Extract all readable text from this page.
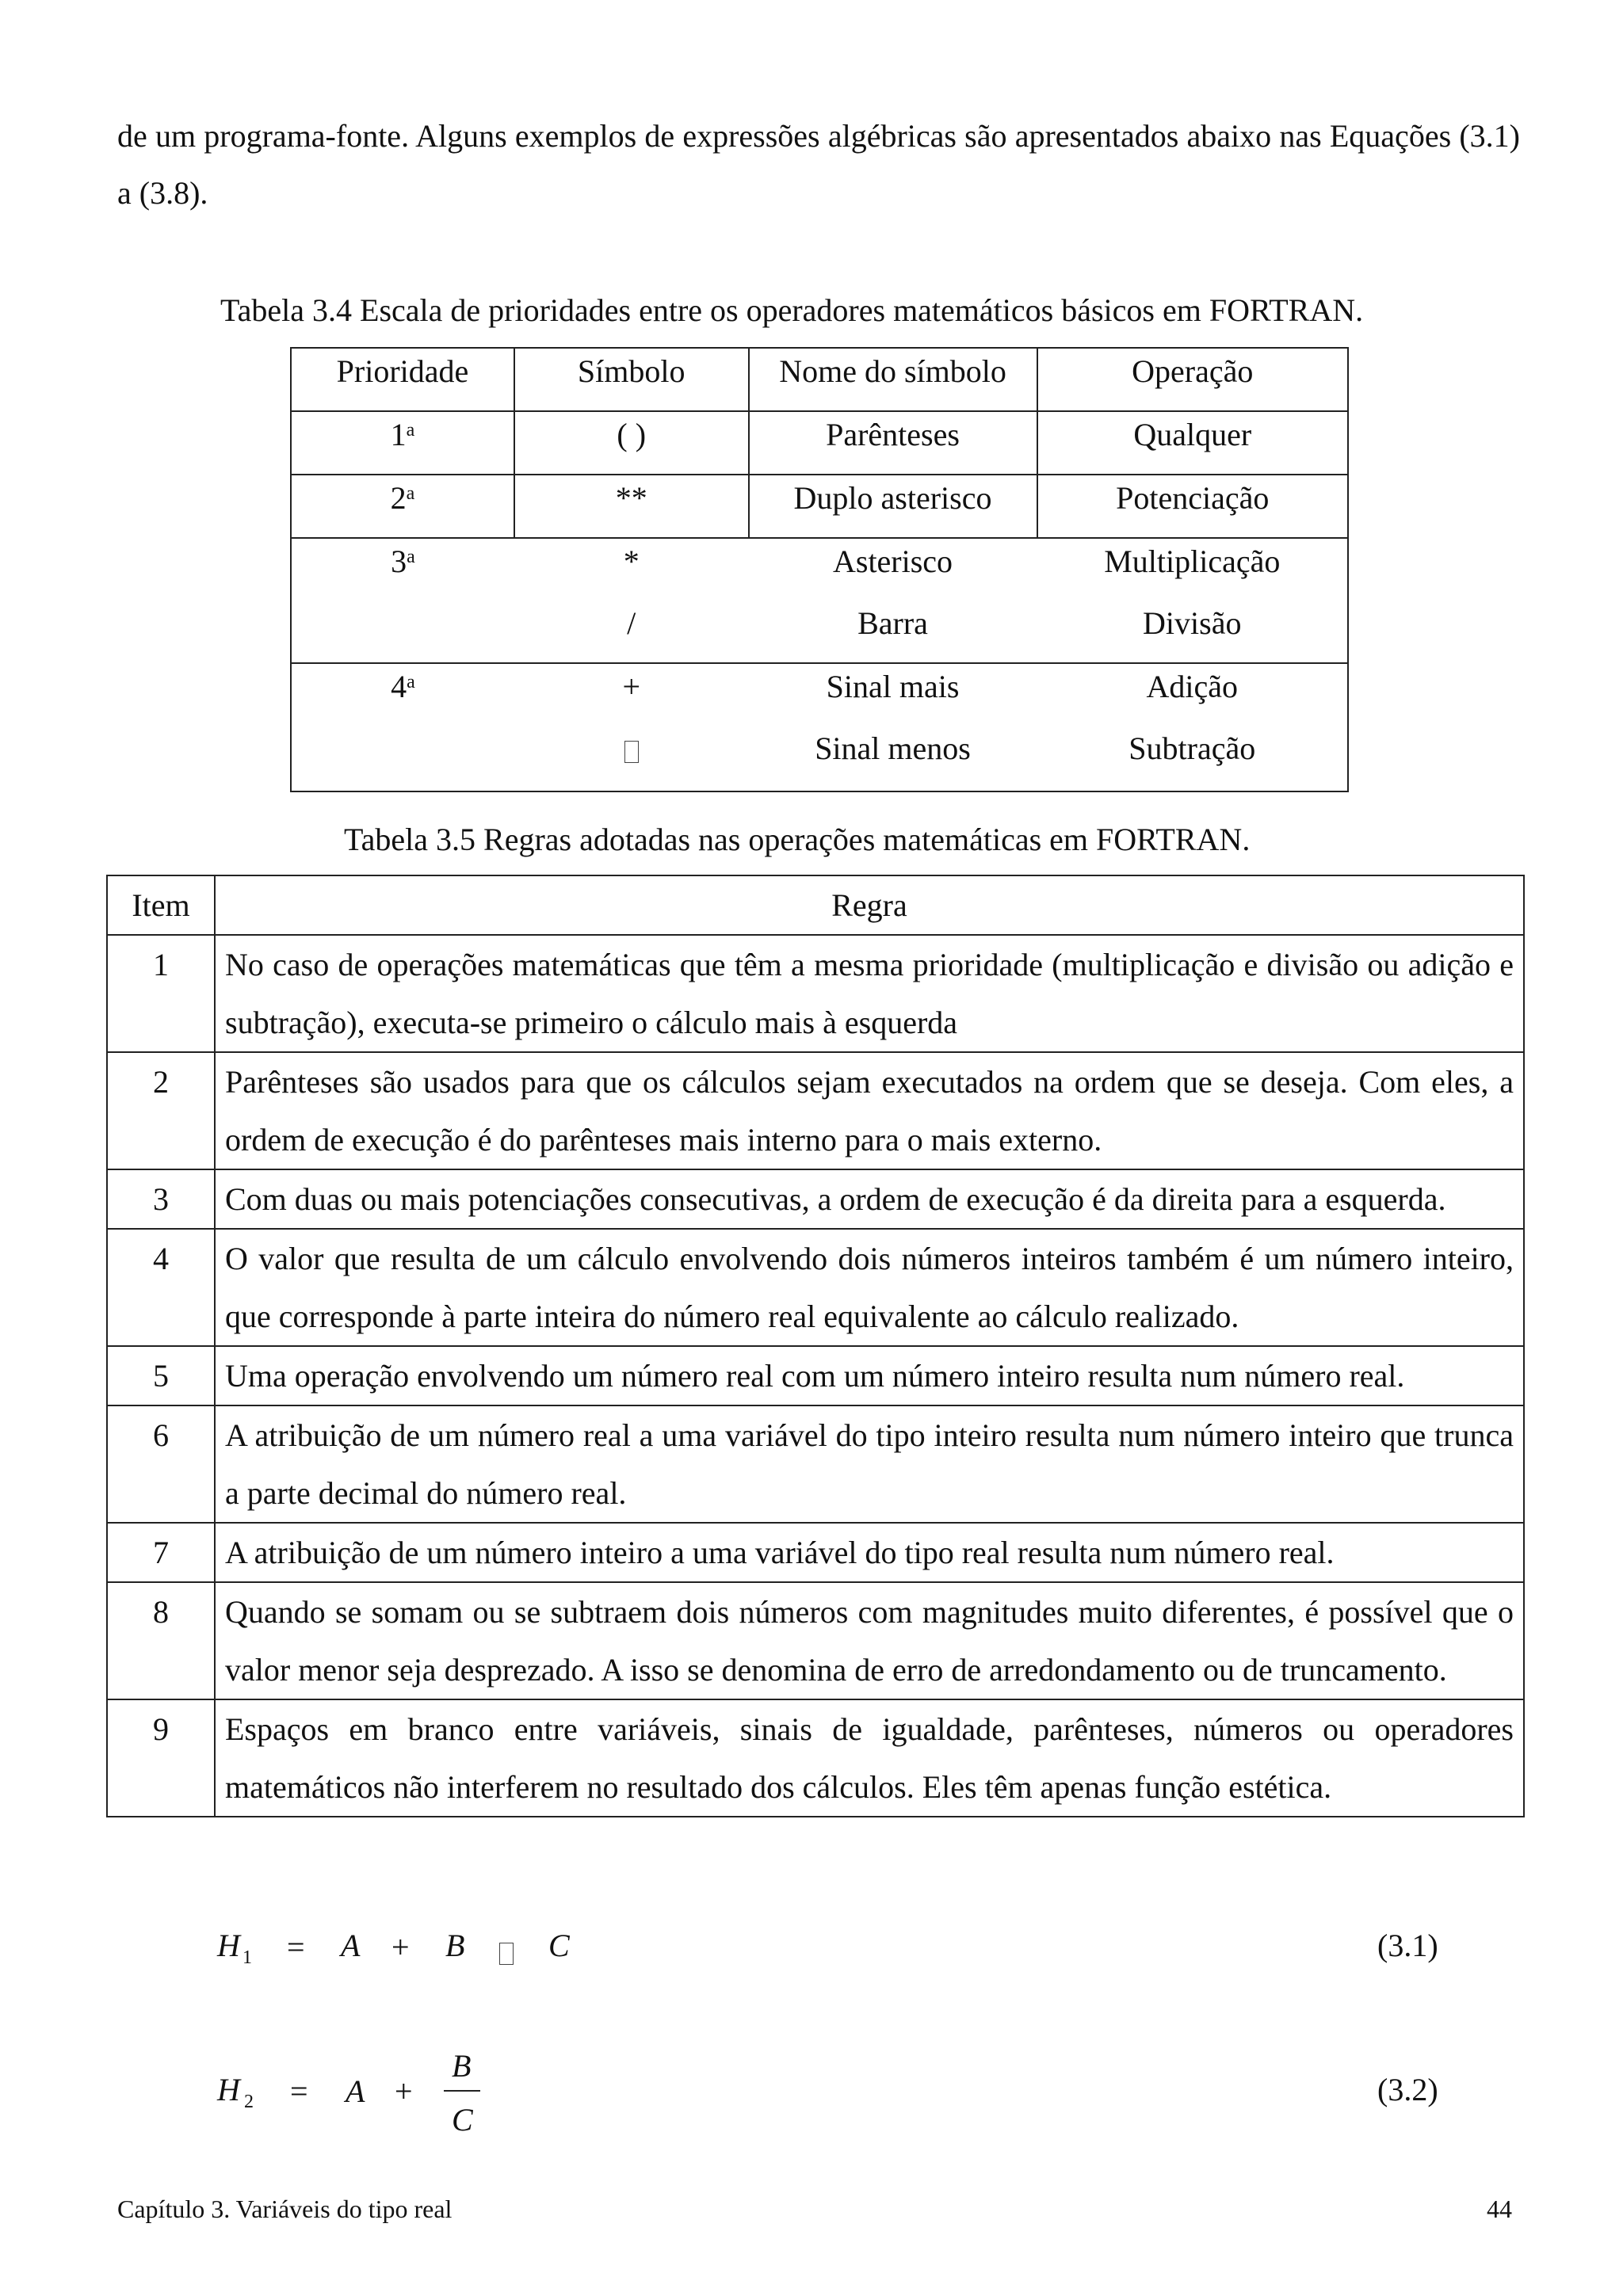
de um programa-fonte. Alguns exemplos de expressões algébricas são apresentados abaixo nas Equações (3.1) a (3.8).

Tabela 3.4 Escala de prioridades entre os operadores matemáticos básicos em FORTRAN.

Prioridade	Símbolo	Nome do símbolo	Operação
1$^a$	( )	Parênteses	Qualquer
2$^a$	**	Duplo asterisco	Potenciação
3$^a$	*	Asterisco	Multiplicação
	/	Barra	Divisão
$4^a$	+	Sinal mais	Adição
		Sinal menos	Subtração

Tabela 3.5 Regras adotadas nas operações matemáticas em FORTRAN.

Item	Regra
1	No caso de operações matemáticas que têm a mesma prioridade (multiplicação e divisão ou adição e subtração), executa-se primeiro o cálculo mais à esquerda
2	Parênteses são usados para que os cálculos sejam executados na ordem que se deseja. Com eles, a ordem de execução é do parênteses mais interno para o mais externo.
3	Com duas ou mais potenciações consecutivas, a ordem de execução é da direita para a esquerda.
4	O valor que resulta de um cálculo envolvendo dois números inteiros também é um número inteiro, que corresponde à parte inteira do número real equivalente ao cálculo realizado.
5	Uma operação envolvendo um número real com um número inteiro resulta num número real.
6	A atribuição de um número real a uma variável do tipo inteiro resulta num número inteiro que trunca a parte decimal do número real.
7	A atribuição de um número inteiro a uma variável do tipo real resulta num número real.
8	Quando se somam ou se subtraem dois números com magnitudes muito diferentes, é possível que o valor menor seja desprezado. A isso se denomina de erro de arredondamento ou de truncamento.
9	Espaços em branco entre variáveis, sinais de igualdade, parênteses, números ou operadores matemáticos não interferem no resultado dos cálculos. Eles têm apenas função estética.
H 1 = A + B	C	(3.1)
H 2 = A +
B
C
(3.2)
Capítulo 3. Variáveis do tipo real	44
